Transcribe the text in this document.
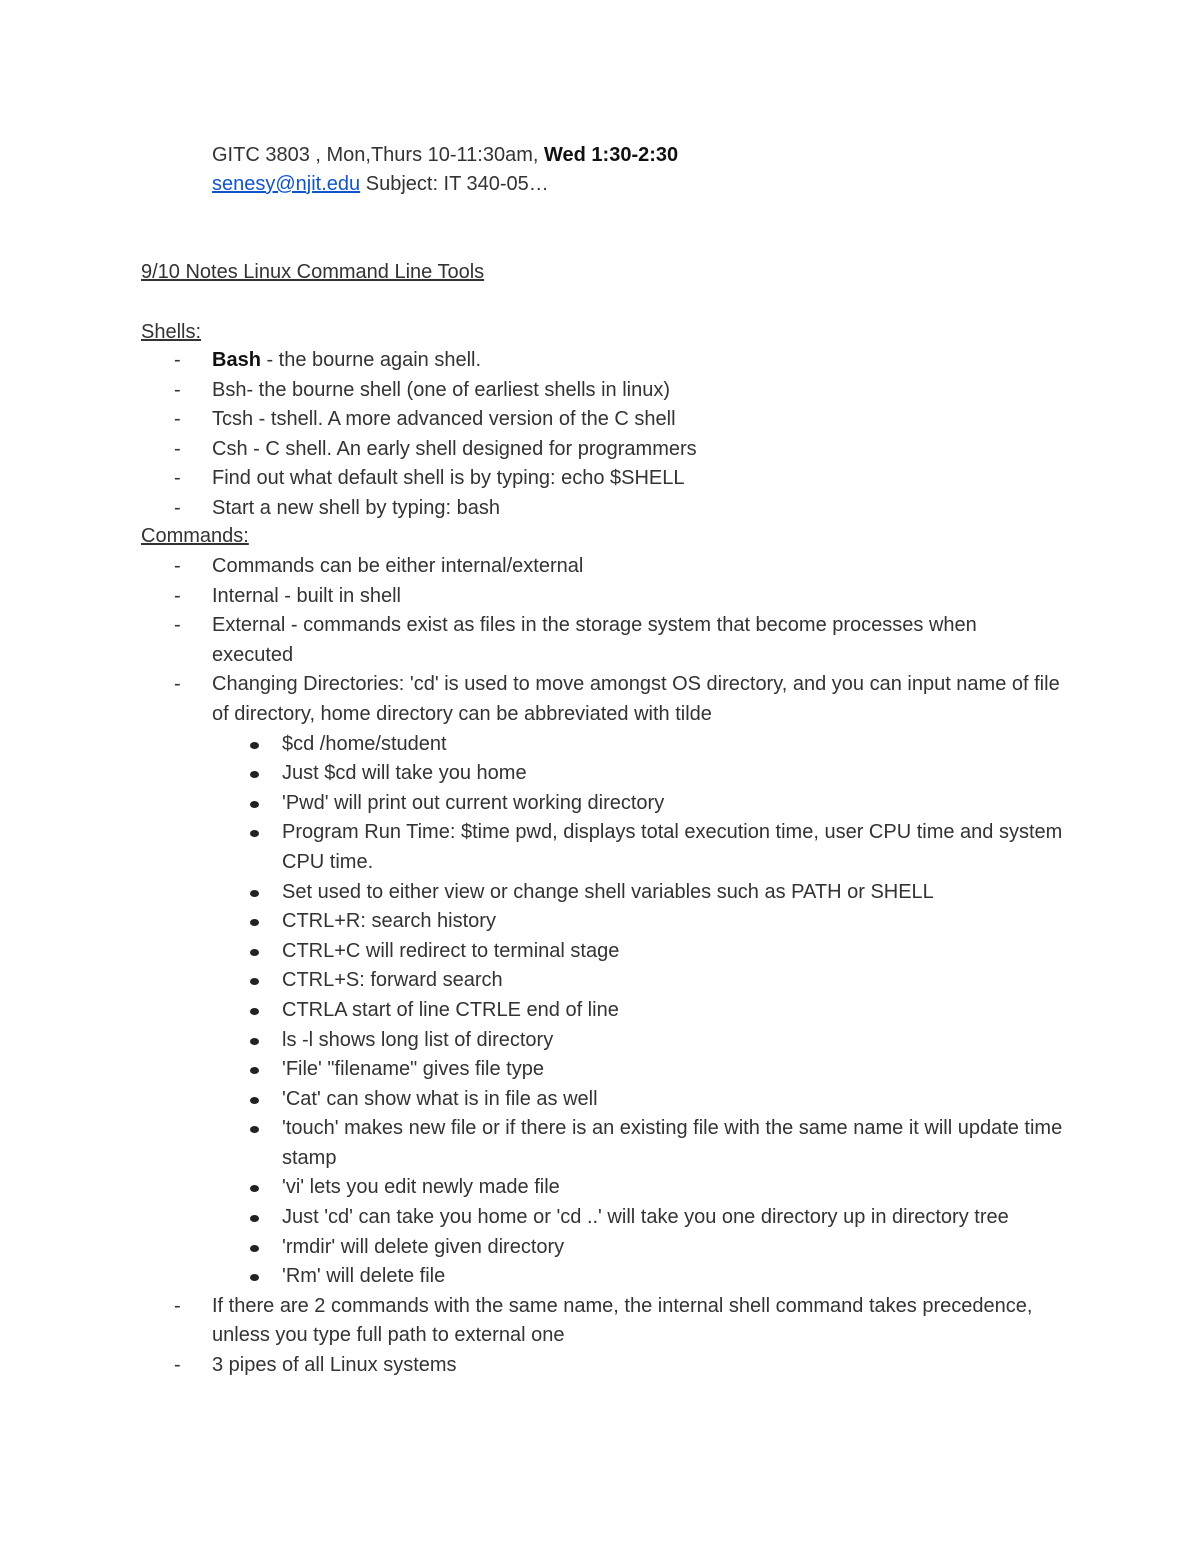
GITC 3803 , Mon,Thurs 10-11:30am, Wed 1:30-2:30
senesy@njit.edu Subject: IT 340-05…
9/10 Notes Linux Command Line Tools
Shells:
- Bash - the bourne again shell.
- Bsh- the bourne shell (one of earliest shells in linux)
- Tcsh - tshell. A more advanced version of the C shell
- Csh - C shell. An early shell designed for programmers
- Find out what default shell is by typing: echo $SHELL
- Start a new shell by typing: bash
Commands:
- Commands can be either internal/external
- Internal - built in shell
- External - commands exist as files in the storage system that become processes when executed
- Changing Directories: 'cd' is used to move amongst OS directory, and you can input name of file of directory, home directory can be abbreviated with tilde
$cd /home/student
Just $cd will take you home
'Pwd' will print out current working directory
Program Run Time: $time pwd, displays total execution time, user CPU time and system CPU time.
Set used to either view or change shell variables such as PATH or SHELL
CTRL+R: search history
CTRL+C will redirect to terminal stage
CTRL+S: forward search
CTRLA start of line CTRLE end of line
ls -l shows long list of directory
'File' "filename" gives file type
'Cat' can show what is in file as well
'touch' makes new file or if there is an existing file with the same name it will update time stamp
'vi' lets you edit newly made file
Just 'cd' can take you home or 'cd ..' will take you one directory up in directory tree
'rmdir' will delete given directory
'Rm' will delete file
- If there are 2 commands with the same name, the internal shell command takes precedence, unless you type full path to external one
- 3 pipes of all Linux systems
